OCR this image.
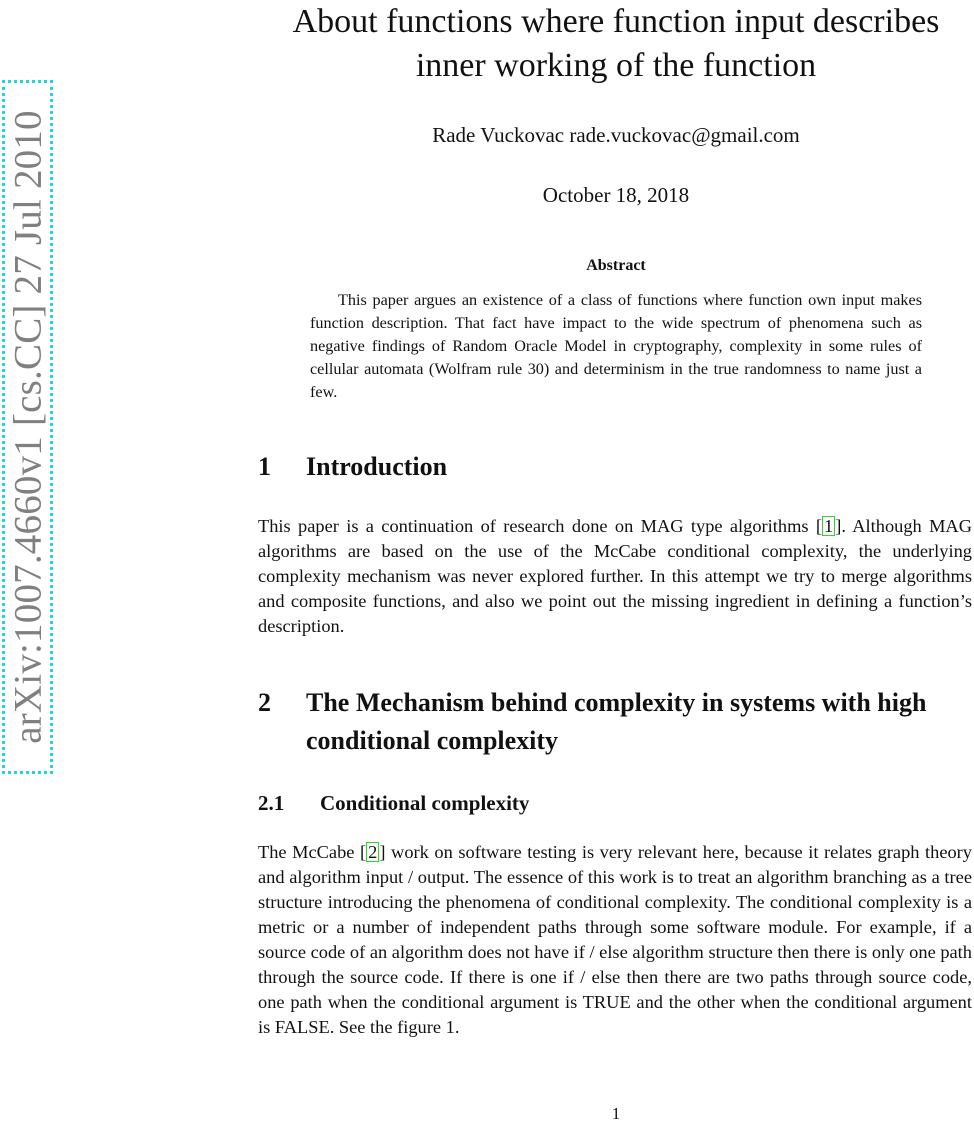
arXiv:1007.4660v1 [cs.CC] 27 Jul 2010
About functions where function input describes inner working of the function
Rade Vuckovac rade.vuckovac@gmail.com
October 18, 2018
Abstract

This paper argues an existence of a class of functions where function own input makes function description. That fact have impact to the wide spectrum of phenomena such as negative findings of Random Oracle Model in cryptography, complexity in some rules of cellular automata (Wolfram rule 30) and determinism in the true randomness to name just a few.

1	Introduction

This paper is a continuation of research done on MAG type algorithms [ 1 ]. Although MAG algorithms are based on the use of the McCabe conditional complexity, the underlying complexity mechanism was never explored further. In this attempt we try to merge algorithms and composite functions, and also we point out the missing ingredient in defining a function’s description.

2	The Mechanism behind complexity in systems with high conditional complexity
2.1	Conditional complexity

The McCabe [ 2 ] work on software testing is very relevant here, because it relates graph theory and algorithm input / output. The essence of this work is to treat an algorithm branching as a tree structure introducing the phenomena of conditional complexity. The conditional complexity is a metric or a number of independent paths through some software module. For example, if a source code of an algorithm does not have if / else algorithm structure then there is only one path through the source code. If there is one if / else then there are two paths through source code, one path when the conditional argument is TRUE and the other when the conditional argument is FALSE. See the figure 1.

1
